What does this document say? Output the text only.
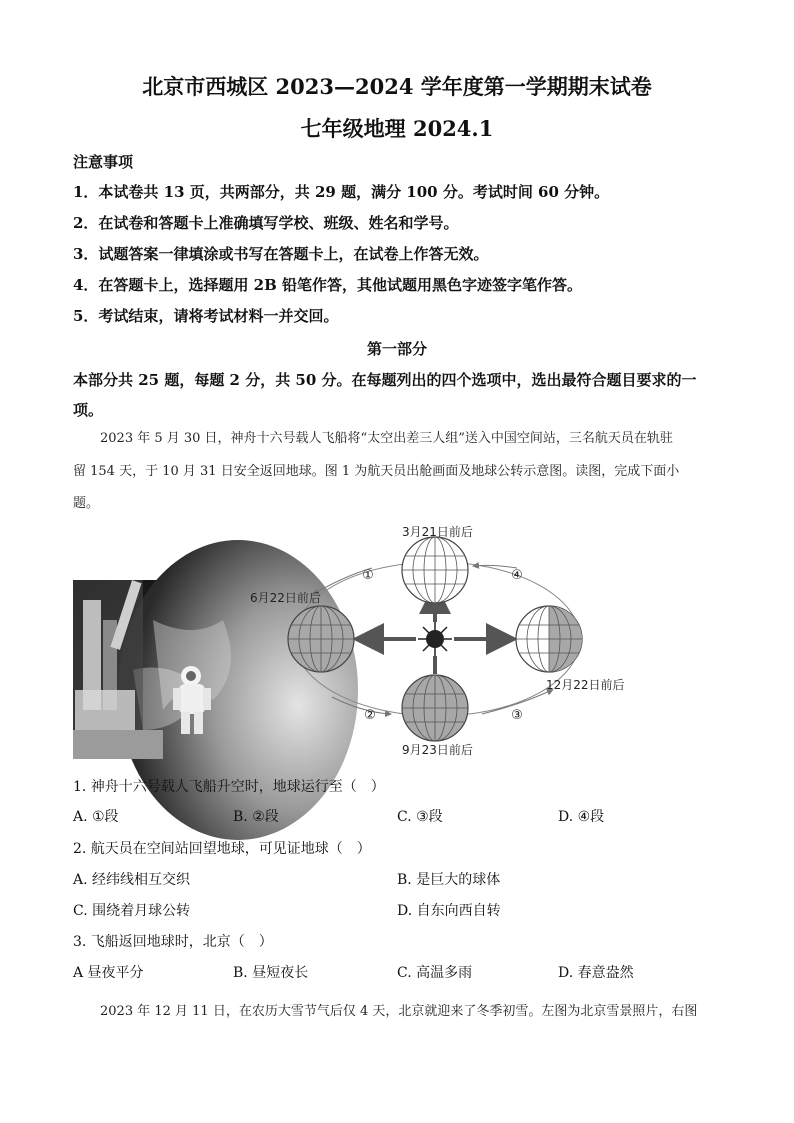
北京市西城区 2023—2024 学年度第一学期期末试卷
七年级地理 2024.1
注意事项
1．本试卷共 13 页，共两部分，共 29 题，满分 100 分。考试时间 60 分钟。
2．在试卷和答题卡上准确填写学校、班级、姓名和学号。
3．试题答案一律填涂或书写在答题卡上，在试卷上作答无效。
4．在答题卡上，选择题用 2B 铅笔作答，其他试题用黑色字迹签字笔作答。
5．考试结束，请将考试材料一并交回。
第一部分
本部分共 25 题，每题 2 分，共 50 分。在每题列出的四个选项中，选出最符合题目要求的一
项。
2023 年 5 月 30 日，神舟十六号载人飞船将“太空出差三人组”送入中国空间站，三名航天员在轨驻
留 154 天，于 10 月 31 日安全返回地球。图 1 为航天员出舱画面及地球公转示意图。读图，完成下面小
题。
①	④
②	③
3月21日前后
6月22日前后
12月22日前后
9月23日前后
1. 神舟十六号载人飞船升空时，地球运行至（　）
A. ①段	B. ②段	C. ③段	D. ④段
2. 航天员在空间站回望地球，可见证地球（　）
A. 经纬线相互交织	B. 是巨大的球体
C. 围绕着月球公转	D. 自东向西自转
3. 飞船返回地球时，北京（　）
A 昼夜平分	B. 昼短夜长	C. 高温多雨	D. 春意盎然
2023 年 12 月 11 日，在农历大雪节气后仅 4 天，北京就迎来了冬季初雪。左图为北京雪景照片，右图
